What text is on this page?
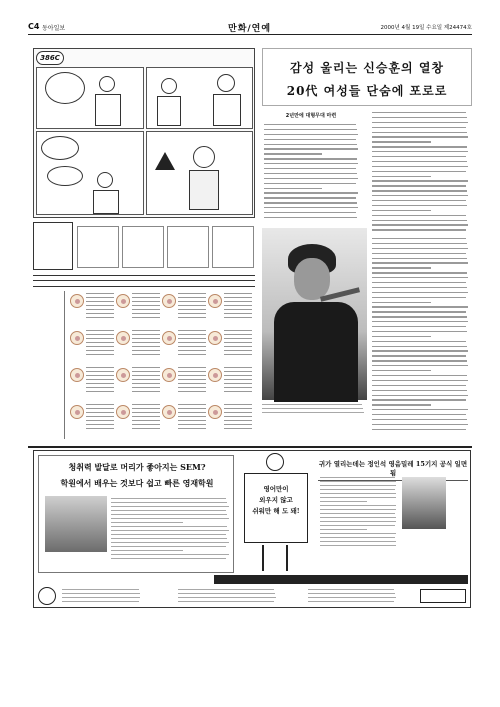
C4 동아일보	만화/연예	2000년 4월 19일 수요일 제24474호
386C
감성 울리는 신승훈의 열창
20代 여성들 단숨에 포로로
2년만에 대형무대 마련
청취력 발달로 머리가 좋아지는 SEM?
학원에서 배우는 것보다 쉽고 빠른 영재학원
영어만이
외우지 않고
쉬워만 해 도 돼!
귀가 열리는데는 정인석 영음밀레 15기지 공식 일면 됨
